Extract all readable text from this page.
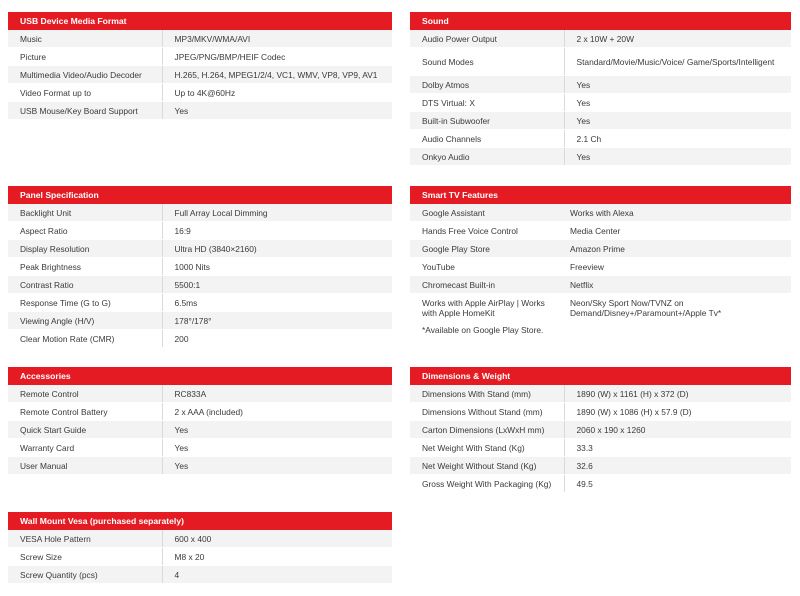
USB Device Media Format
Music	MP3/MKV/WMA/AVI
Picture	JPEG/PNG/BMP/HEIF Codec
Multimedia Video/Audio Decoder	H.265, H.264, MPEG1/2/4, VC1, WMV, VP8, VP9, AV1
Video Format up to	Up to 4K@60Hz
USB Mouse/Key Board Support	Yes
Sound
Audio Power Output	2 x 10W + 20W
Sound Modes	Standard/Movie/Music/Voice/ Game/Sports/Intelligent
Dolby Atmos	Yes
DTS Virtual: X	Yes
Built-in Subwoofer	Yes
Audio Channels	2.1 Ch
Onkyo Audio	Yes
Panel Specification
Backlight Unit	Full Array Local Dimming
Aspect Ratio	16:9
Display Resolution	Ultra HD (3840×2160)
Peak Brightness	1000 Nits
Contrast Ratio	5500:1
Response Time (G to G)	6.5ms
Viewing Angle (H/V)	178°/178°
Clear Motion Rate (CMR)	200
Smart TV Features
Google Assistant	Works with Alexa
Hands Free Voice Control	Media Center
Google Play Store	Amazon Prime
YouTube	Freeview
Chromecast Built-in	Netflix
Works with Apple AirPlay | Works with Apple HomeKit	Neon/Sky Sport Now/TVNZ on Demand/Disney+/Paramount+/Apple Tv*
*Available on Google Play Store.
Accessories
Remote Control	RC833A
Remote Control Battery	2 x AAA (included)
Quick Start Guide	Yes
Warranty Card	Yes
User Manual	Yes
Dimensions & Weight
Dimensions With Stand (mm)	1890 (W) x 1161 (H) x 372 (D)
Dimensions Without Stand (mm)	1890 (W) x 1086 (H) x 57.9 (D)
Carton Dimensions (LxWxH mm)	2060 x 190 x 1260
Net Weight With Stand (Kg)	33.3
Net Weight Without Stand (Kg)	32.6
Gross Weight With Packaging (Kg)	49.5
Wall Mount Vesa (purchased separately)
VESA Hole Pattern	600 x 400
Screw Size	M8 x 20
Screw Quantity (pcs)	4
